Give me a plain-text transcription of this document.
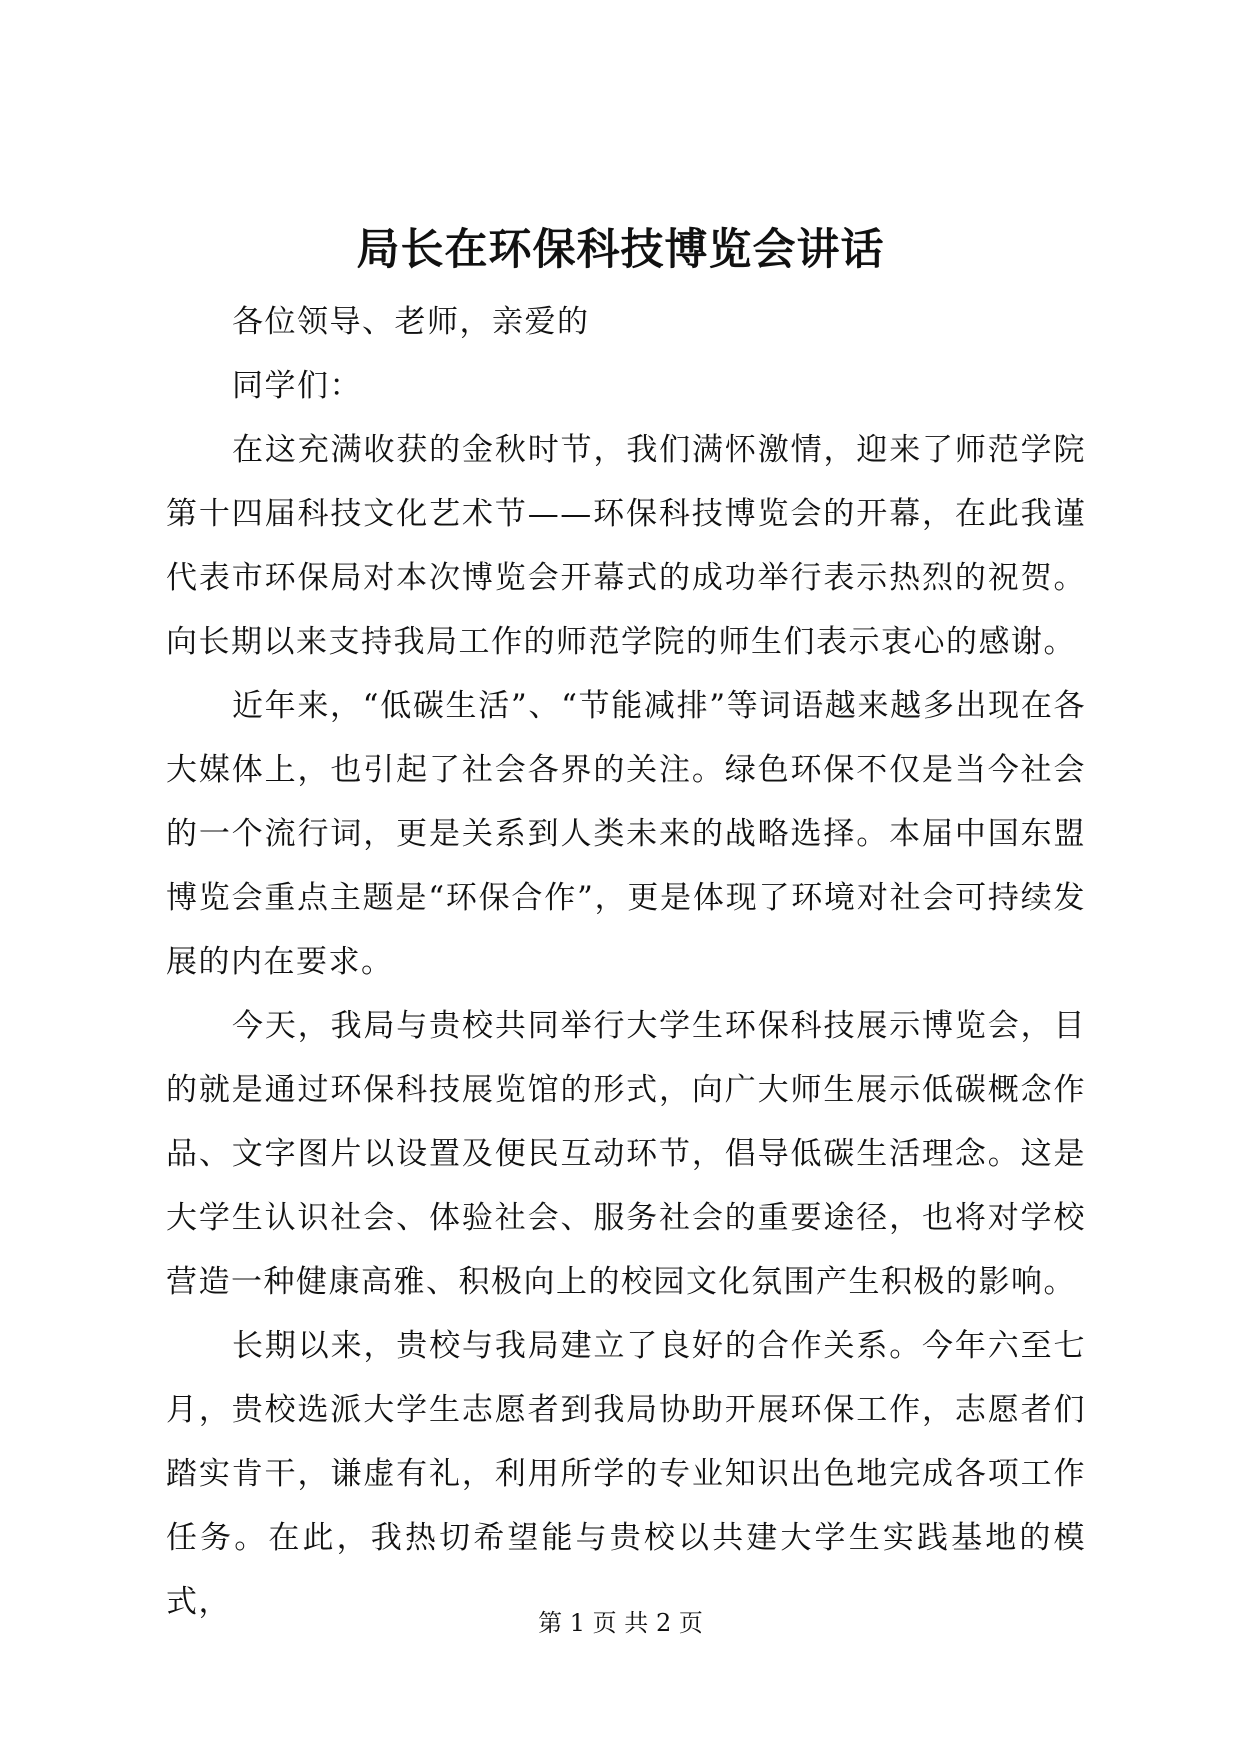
局长在环保科技博览会讲话

各位领导、老师，亲爱的

同学们：

在这充满收获的金秋时节，我们满怀激情，迎来了师范学院第十四届科技文化艺术节——环保科技博览会的开幕，在此我谨代表市环保局对本次博览会开幕式的成功举行表示热烈的祝贺。向长期以来支持我局工作的师范学院的师生们表示衷心的感谢。

近年来，“低碳生活”、“节能减排”等词语越来越多出现在各大媒体上，也引起了社会各界的关注。绿色环保不仅是当今社会的一个流行词，更是关系到人类未来的战略选择。本届中国东盟博览会重点主题是“环保合作”，更是体现了环境对社会可持续发展的内在要求。

今天，我局与贵校共同举行大学生环保科技展示博览会，目的就是通过环保科技展览馆的形式，向广大师生展示低碳概念作品、文字图片以设置及便民互动环节，倡导低碳生活理念。这是大学生认识社会、体验社会、服务社会的重要途径，也将对学校营造一种健康高雅、积极向上的校园文化氛围产生积极的影响。

长期以来，贵校与我局建立了良好的合作关系。今年六至七月，贵校选派大学生志愿者到我局协助开展环保工作，志愿者们踏实肯干，谦虚有礼，利用所学的专业知识出色地完成各项工作任务。在此，我热切希望能与贵校以共建大学生实践基地的模式，

第 1 页 共 2 页
